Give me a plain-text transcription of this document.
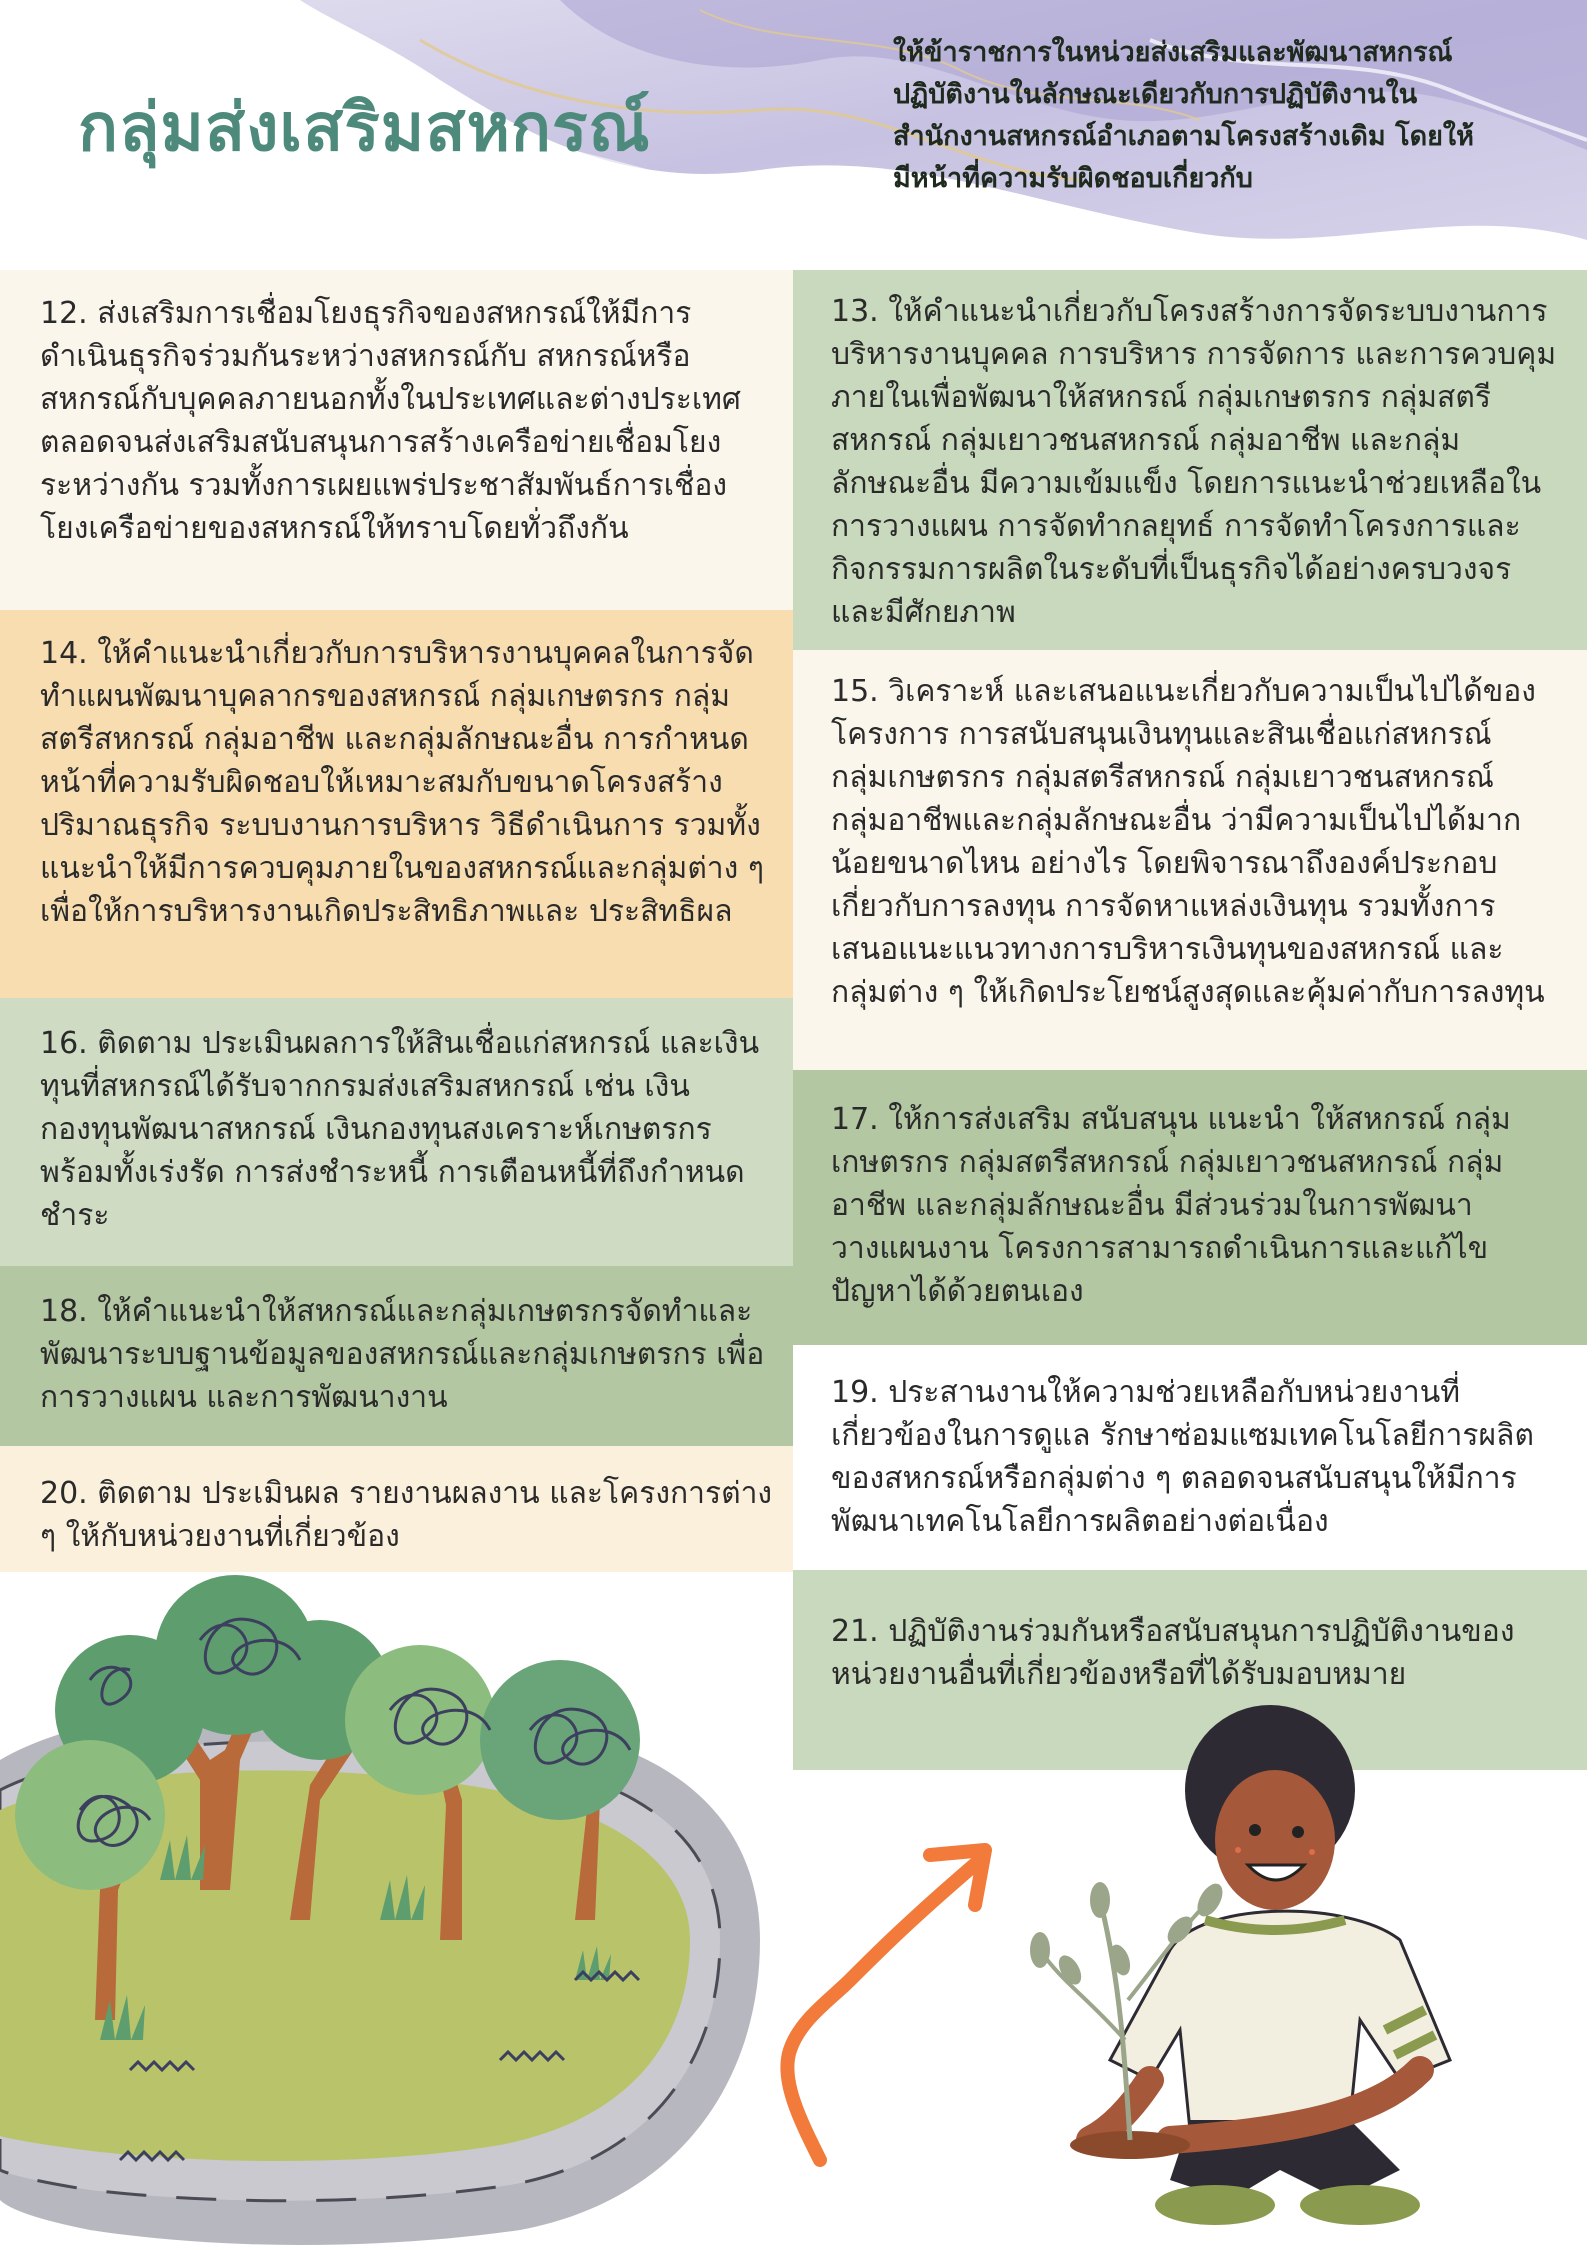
กลุ่มส่งเสริมสหกรณ์
ให้ข้าราชการในหน่วยส่งเสริมและพัฒนาสหกรณ์ปฏิบัติงานในลักษณะเดียวกับการปฏิบัติงานในสำนักงานสหกรณ์อำเภอตามโครงสร้างเดิม โดยให้มีหน้าที่ความรับผิดชอบเกี่ยวกับ

12. ส่งเสริมการเชื่อมโยงธุรกิจของสหกรณ์ให้มีการดำเนินธุรกิจร่วมกันระหว่างสหกรณ์กับ สหกรณ์หรือสหกรณ์กับบุคคลภายนอกทั้งในประเทศและต่างประเทศ ตลอดจนส่งเสริมสนับสนุนการสร้างเครือข่ายเชื่อมโยงระหว่างกัน รวมทั้งการเผยแพร่ประชาสัมพันธ์การเชื่องโยงเครือข่ายของสหกรณ์ให้ทราบโดยทั่วถึงกัน

14. ให้คำแนะนำเกี่ยวกับการบริหารงานบุคคลในการจัดทำแผนพัฒนาบุคลากรของสหกรณ์ กลุ่มเกษตรกร กลุ่มสตรีสหกรณ์ กลุ่มอาชีพ และกลุ่มลักษณะอื่น การกำหนดหน้าที่ความรับผิดชอบให้เหมาะสมกับขนาดโครงสร้าง ปริมาณธุรกิจ ระบบงานการบริหาร วิธีดำเนินการ รวมทั้งแนะนำให้มีการควบคุมภายในของสหกรณ์และกลุ่มต่าง ๆ เพื่อให้การบริหารงานเกิดประสิทธิภาพและ ประสิทธิผล

16. ติดตาม ประเมินผลการให้สินเชื่อแก่สหกรณ์ และเงินทุนที่สหกรณ์ได้รับจากกรมส่งเสริมสหกรณ์ เช่น เงินกองทุนพัฒนาสหกรณ์ เงินกองทุนสงเคราะห์เกษตรกร พร้อมทั้งเร่งรัด การส่งชำระหนี้ การเตือนหนี้ที่ถึงกำหนดชำระ

18. ให้คำแนะนำให้สหกรณ์และกลุ่มเกษตรกรจัดทำและพัฒนาระบบฐานข้อมูลของสหกรณ์และกลุ่มเกษตรกร เพื่อการวางแผน และการพัฒนางาน

20. ติดตาม ประเมินผล รายงานผลงาน และโครงการต่าง ๆ ให้กับหน่วยงานที่เกี่ยวข้อง

13. ให้คำแนะนำเกี่ยวกับโครงสร้างการจัดระบบงานการบริหารงานบุคคล การบริหาร การจัดการ และการควบคุมภายในเพื่อพัฒนาให้สหกรณ์ กลุ่มเกษตรกร กลุ่มสตรีสหกรณ์ กลุ่มเยาวชนสหกรณ์ กลุ่มอาชีพ และกลุ่มลักษณะอื่น มีความเข้มแข็ง โดยการแนะนำช่วยเหลือในการวางแผน การจัดทำกลยุทธ์ การจัดทำโครงการและกิจกรรมการผลิตในระดับที่เป็นธุรกิจได้อย่างครบวงจรและมีศักยภาพ

15. วิเคราะห์ และเสนอแนะเกี่ยวกับความเป็นไปได้ของโครงการ การสนับสนุนเงินทุนและสินเชื่อแก่สหกรณ์ กลุ่มเกษตรกร กลุ่มสตรีสหกรณ์ กลุ่มเยาวชนสหกรณ์ กลุ่มอาชีพและกลุ่มลักษณะอื่น ว่ามีความเป็นไปได้มากน้อยขนาดไหน อย่างไร โดยพิจารณาถึงองค์ประกอบเกี่ยวกับการลงทุน การจัดหาแหล่งเงินทุน รวมทั้งการเสนอแนะแนวทางการบริหารเงินทุนของสหกรณ์ และกลุ่มต่าง ๆ ให้เกิดประโยชน์สูงสุดและคุ้มค่ากับการลงทุน

17. ให้การส่งเสริม สนับสนุน แนะนำ ให้สหกรณ์ กลุ่มเกษตรกร กลุ่มสตรีสหกรณ์ กลุ่มเยาวชนสหกรณ์ กลุ่มอาชีพ และกลุ่มลักษณะอื่น มีส่วนร่วมในการพัฒนา วางแผนงาน โครงการสามารถดำเนินการและแก้ไขปัญหาได้ด้วยตนเอง

19. ประสานงานให้ความช่วยเหลือกับหน่วยงานที่เกี่ยวข้องในการดูแล รักษาซ่อมแซมเทคโนโลยีการผลิตของสหกรณ์หรือกลุ่มต่าง ๆ ตลอดจนสนับสนุนให้มีการพัฒนาเทคโนโลยีการผลิตอย่างต่อเนื่อง

21. ปฏิบัติงานร่วมกันหรือสนับสนุนการปฏิบัติงานของหน่วยงานอื่นที่เกี่ยวข้องหรือที่ได้รับมอบหมาย
